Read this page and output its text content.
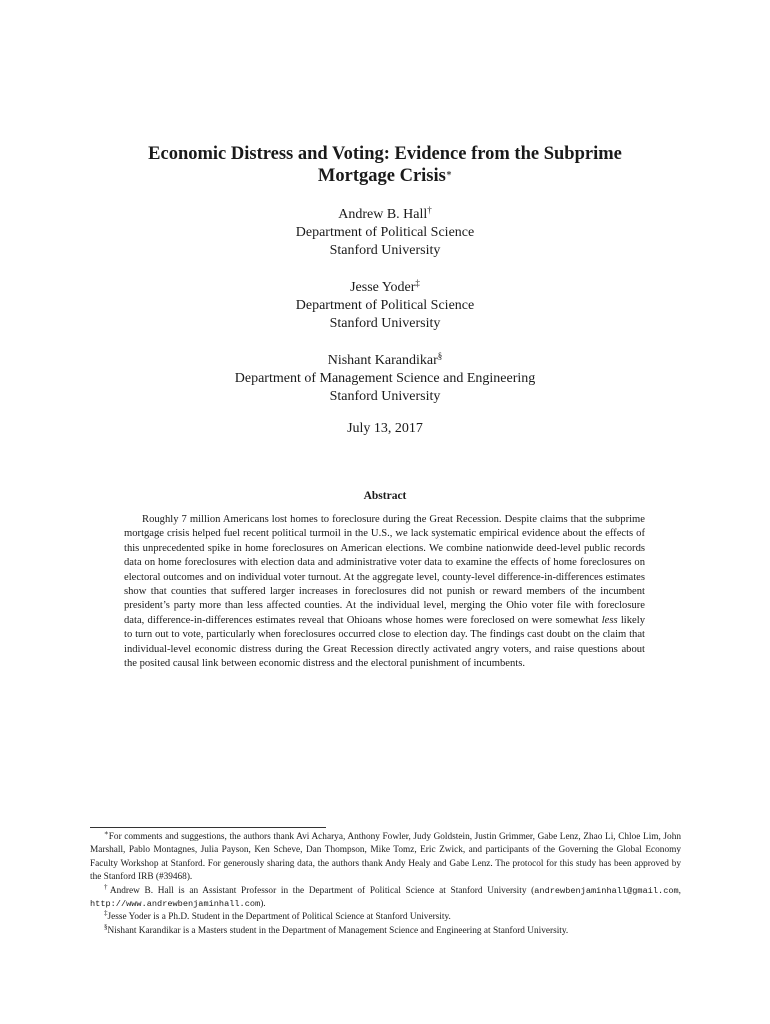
Economic Distress and Voting: Evidence from the Subprime
Mortgage Crisis∗
Andrew B. Hall†
Department of Political Science
Stanford University
Jesse Yoder‡
Department of Political Science
Stanford University
Nishant Karandikar§
Department of Management Science and Engineering
Stanford University
July 13, 2017
Abstract

Roughly 7 million Americans lost homes to foreclosure during the Great Recession. Despite claims that the subprime mortgage crisis helped fuel recent political turmoil in the U.S., we lack systematic empirical evidence about the effects of this unprecedented spike in home foreclosures on American elections. We combine nationwide deed-level public records data on home foreclosures with election data and administrative voter data to examine the effects of home foreclosures on electoral outcomes and on individual voter turnout. At the aggregate level, county-level difference-in-differences estimates show that counties that suffered larger increases in foreclosures did not punish or reward members of the incumbent president’s party more than less affected counties. At the individual level, merging the Ohio voter file with foreclosure data, difference-in-differences estimates reveal that Ohioans whose homes were foreclosed on were somewhat less likely to turn out to vote, particularly when foreclosures occurred close to election day. The findings cast doubt on the claim that individual-level economic distress during the Great Recession directly activated angry voters, and raise questions about the posited causal link between economic distress and the electoral punishment of incumbents.

∗For comments and suggestions, the authors thank Avi Acharya, Anthony Fowler, Judy Goldstein, Justin Grimmer, Gabe Lenz, Zhao Li, Chloe Lim, John Marshall, Pablo Montagnes, Julia Payson, Ken Scheve, Dan Thompson, Mike Tomz, Eric Zwick, and participants of the Governing the Global Economy Faculty Workshop at Stanford. For generously sharing data, the authors thank Andy Healy and Gabe Lenz. The protocol for this study has been approved by the Stanford IRB (#39468).

†Andrew B. Hall is an Assistant Professor in the Department of Political Science at Stanford University (andrewbenjaminhall@gmail.com, http://www.andrewbenjaminhall.com).

‡Jesse Yoder is a Ph.D. Student in the Department of Political Science at Stanford University.

§Nishant Karandikar is a Masters student in the Department of Management Science and Engineering at Stanford University.
